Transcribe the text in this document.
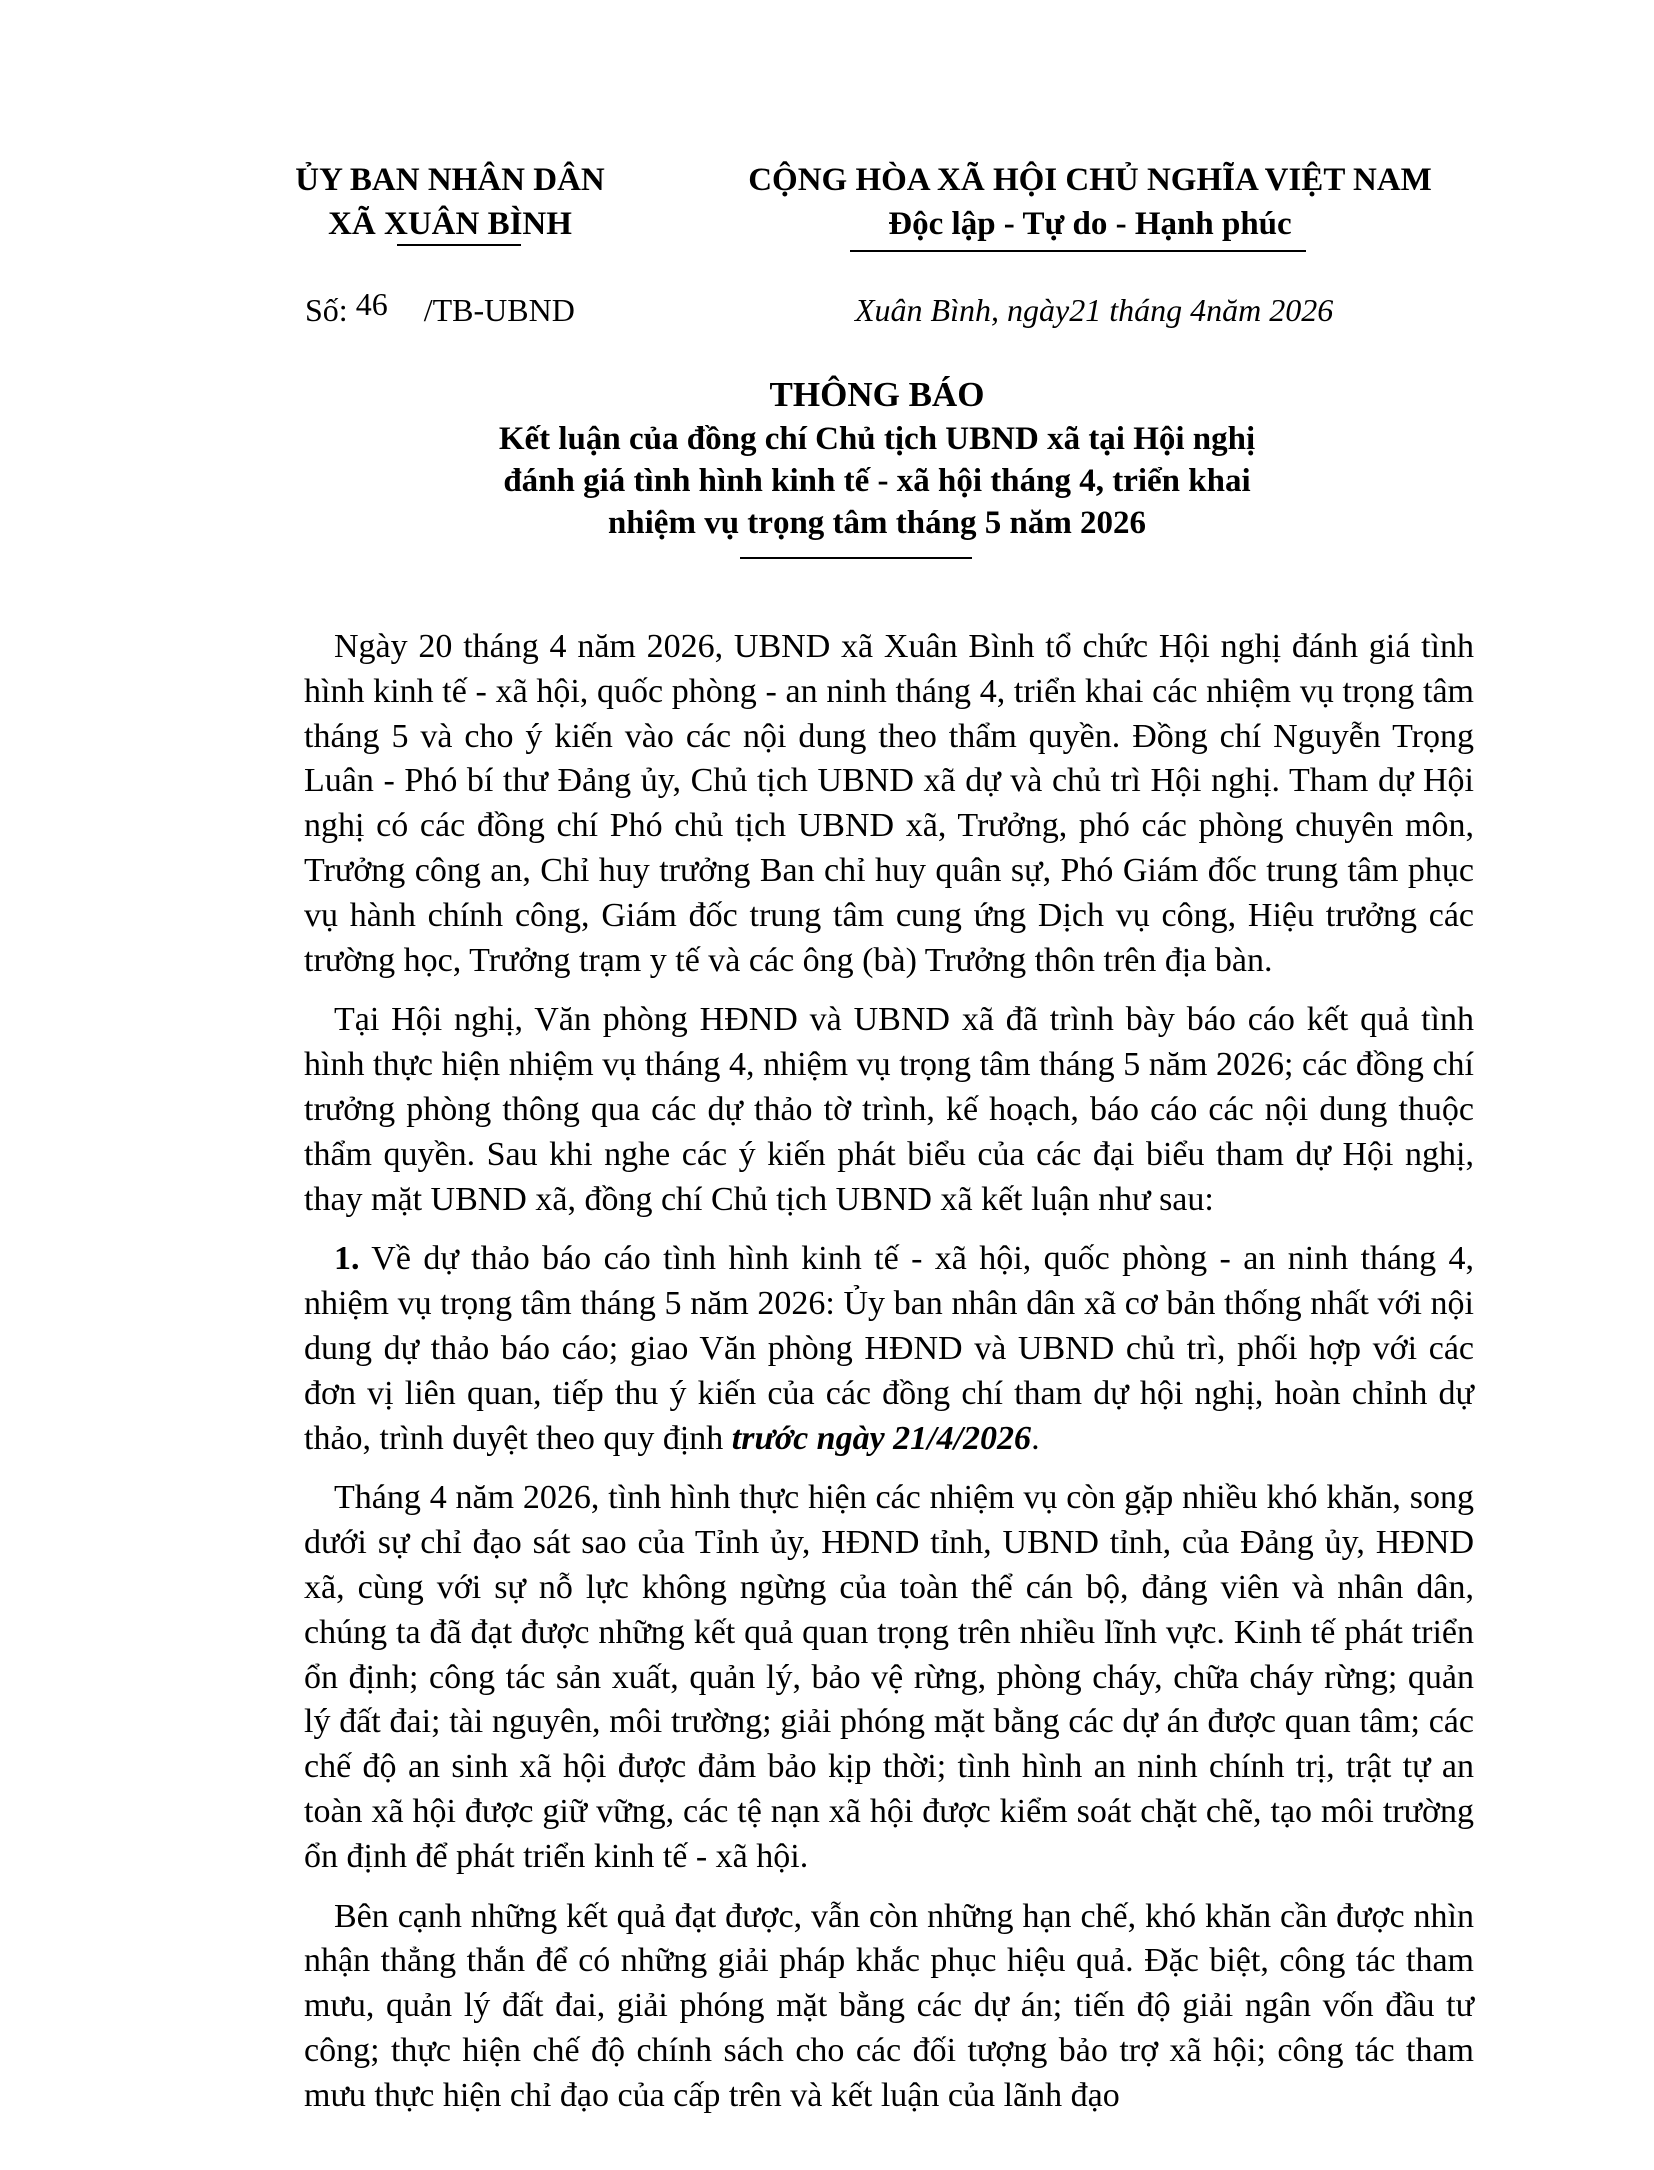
ỦY BAN NHÂN DÂN
XÃ XUÂN BÌNH
CỘNG HÒA XÃ HỘI CHỦ NGHĨA VIỆT NAM
Độc lập - Tự do - Hạnh phúc
Số: 46 /TB-UBND	Xuân Bình, ngày21 tháng 4năm 2026
THÔNG BÁO
Kết luận của đồng chí Chủ tịch UBND xã tại Hội nghị
đánh giá tình hình kinh tế - xã hội tháng 4, triển khai
nhiệm vụ trọng tâm tháng 5 năm 2026

Ngày 20 tháng 4 năm 2026, UBND xã Xuân Bình tổ chức Hội nghị đánh giá tình hình kinh tế - xã hội, quốc phòng - an ninh tháng 4, triển khai các nhiệm vụ trọng tâm tháng 5 và cho ý kiến vào các nội dung theo thẩm quyền. Đồng chí Nguyễn Trọng Luân - Phó bí thư Đảng ủy, Chủ tịch UBND xã dự và chủ trì Hội nghị. Tham dự Hội nghị có các đồng chí Phó chủ tịch UBND xã, Trưởng, phó các phòng chuyên môn, Trưởng công an, Chỉ huy trưởng Ban chỉ huy quân sự, Phó Giám đốc trung tâm phục vụ hành chính công, Giám đốc trung tâm cung ứng Dịch vụ công, Hiệu trưởng các trường học, Trưởng trạm y tế và các ông (bà) Trưởng thôn trên địa bàn.

Tại Hội nghị, Văn phòng HĐND và UBND xã đã trình bày báo cáo kết quả tình hình thực hiện nhiệm vụ tháng 4, nhiệm vụ trọng tâm tháng 5 năm 2026; các đồng chí trưởng phòng thông qua các dự thảo tờ trình, kế hoạch, báo cáo các nội dung thuộc thẩm quyền. Sau khi nghe các ý kiến phát biểu của các đại biểu tham dự Hội nghị, thay mặt UBND xã, đồng chí Chủ tịch UBND xã kết luận như sau:

1. Về dự thảo báo cáo tình hình kinh tế - xã hội, quốc phòng - an ninh tháng 4, nhiệm vụ trọng tâm tháng 5 năm 2026: Ủy ban nhân dân xã cơ bản thống nhất với nội dung dự thảo báo cáo; giao Văn phòng HĐND và UBND chủ trì, phối hợp với các đơn vị liên quan, tiếp thu ý kiến của các đồng chí tham dự hội nghị, hoàn chỉnh dự thảo, trình duyệt theo quy định trước ngày 21/4/2026.

Tháng 4 năm 2026, tình hình thực hiện các nhiệm vụ còn gặp nhiều khó khăn, song dưới sự chỉ đạo sát sao của Tỉnh ủy, HĐND tỉnh, UBND tỉnh, của Đảng ủy, HĐND xã, cùng với sự nỗ lực không ngừng của toàn thể cán bộ, đảng viên và nhân dân, chúng ta đã đạt được những kết quả quan trọng trên nhiều lĩnh vực. Kinh tế phát triển ổn định; công tác sản xuất, quản lý, bảo vệ rừng, phòng cháy, chữa cháy rừng; quản lý đất đai; tài nguyên, môi trường; giải phóng mặt bằng các dự án được quan tâm; các chế độ an sinh xã hội được đảm bảo kịp thời; tình hình an ninh chính trị, trật tự an toàn xã hội được giữ vững, các tệ nạn xã hội được kiểm soát chặt chẽ, tạo môi trường ổn định để phát triển kinh tế - xã hội.

Bên cạnh những kết quả đạt được, vẫn còn những hạn chế, khó khăn cần được nhìn nhận thẳng thắn để có những giải pháp khắc phục hiệu quả. Đặc biệt, công tác tham mưu, quản lý đất đai, giải phóng mặt bằng các dự án; tiến độ giải ngân vốn đầu tư công; thực hiện chế độ chính sách cho các đối tượng bảo trợ xã hội; công tác tham mưu thực hiện chỉ đạo của cấp trên và kết luận của lãnh đạo
